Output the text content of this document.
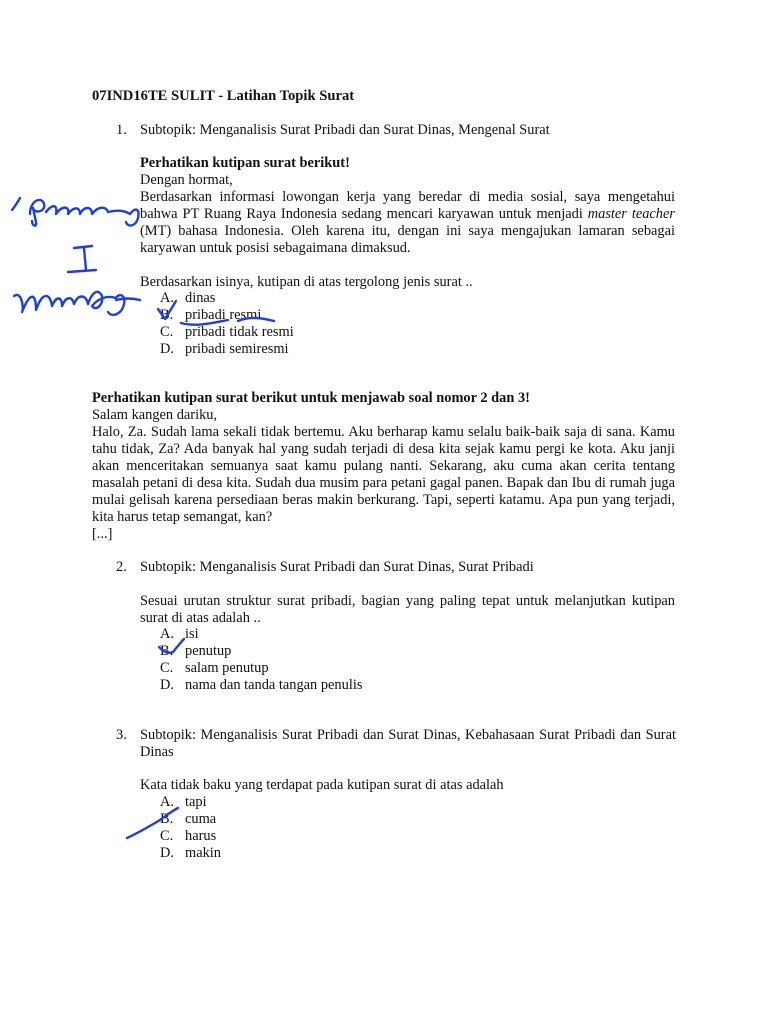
07IND16TE SULIT - Latihan Topik Surat
1. Subtopik: Menganalisis Surat Pribadi dan Surat Dinas, Mengenal Surat

Perhatikan kutipan surat berikut!

Dengan hormat,

Berdasarkan informasi lowongan kerja yang beredar di media sosial, saya mengetahui bahwa PT Ruang Raya Indonesia sedang mencari karyawan untuk menjadi master teacher (MT) bahasa Indonesia. Oleh karena itu, dengan ini saya mengajukan lamaran sebagai karyawan untuk posisi sebagaimana dimaksud.

Berdasarkan isinya, kutipan di atas tergolong jenis surat ..
A. dinas
B. pribadi resmi
C. pribadi tidak resmi
D. pribadi semiresmi

Perhatikan kutipan surat berikut untuk menjawab soal nomor 2 dan 3!

Salam kangen dariku,

Halo, Za. Sudah lama sekali tidak bertemu. Aku berharap kamu selalu baik-baik saja di sana. Kamu tahu tidak, Za? Ada banyak hal yang sudah terjadi di desa kita sejak kamu pergi ke kota. Aku janji akan menceritakan semuanya saat kamu pulang nanti. Sekarang, aku cuma akan cerita tentang masalah petani di desa kita. Sudah dua musim para petani gagal panen. Bapak dan Ibu di rumah juga mulai gelisah karena persediaan beras makin berkurang. Tapi, seperti katamu. Apa pun yang terjadi, kita harus tetap semangat, kan?

[...]

2. Subtopik: Menganalisis Surat Pribadi dan Surat Dinas, Surat Pribadi
Sesuai urutan struktur surat pribadi, bagian yang paling tepat untuk melanjutkan kutipan surat di atas adalah ..
A. isi
B. penutup
C. salam penutup
D. nama dan tanda tangan penulis
3. Subtopik: Menganalisis Surat Pribadi dan Surat Dinas, Kebahasaan Surat Pribadi dan Surat Dinas
Kata tidak baku yang terdapat pada kutipan surat di atas adalah
A. tapi
B. cuma
C. harus
D. makin
